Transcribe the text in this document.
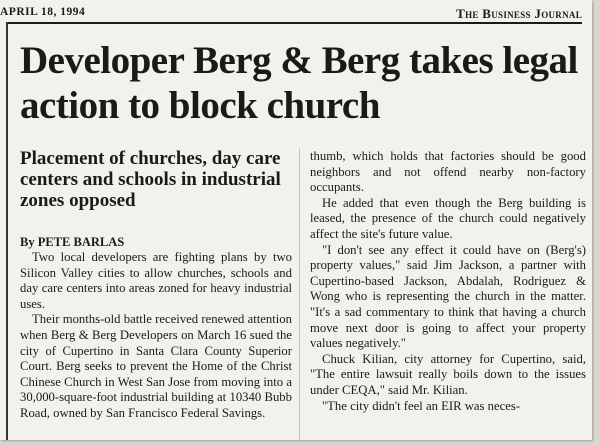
APRIL 18, 1994	The Business Journal
Developer Berg & Berg takes legal action to block church
Placement of churches, day care centers and schools in industrial zones opposed
By PETE BARLAS

Two local developers are fighting plans by two Silicon Valley cities to allow churches, schools and day care centers into areas zoned for heavy industrial uses.

Their months-old battle received renewed attention when Berg & Berg Developers on March 16 sued the city of Cupertino in Santa Clara County Superior Court. Berg seeks to prevent the Home of the Christ Chinese Church in West San Jose from moving into a 30,000-square-foot industrial building at 10340 Bubb Road, owned by San Francisco Federal Savings.

thumb, which holds that factories should be good neighbors and not offend nearby non-factory occupants.

He added that even though the Berg building is leased, the presence of the church could negatively affect the site's future value.

"I don't see any effect it could have on (Berg's) property values," said Jim Jackson, a partner with Cupertino-based Jackson, Abdalah, Rodriguez & Wong who is representing the church in the matter. "It's a sad commentary to think that having a church move next door is going to affect your property values negatively."

Chuck Kilian, city attorney for Cupertino, said, "The entire lawsuit really boils down to the issues under CEQA," said Mr. Kilian.

"The city didn't feel an EIR was neces-
